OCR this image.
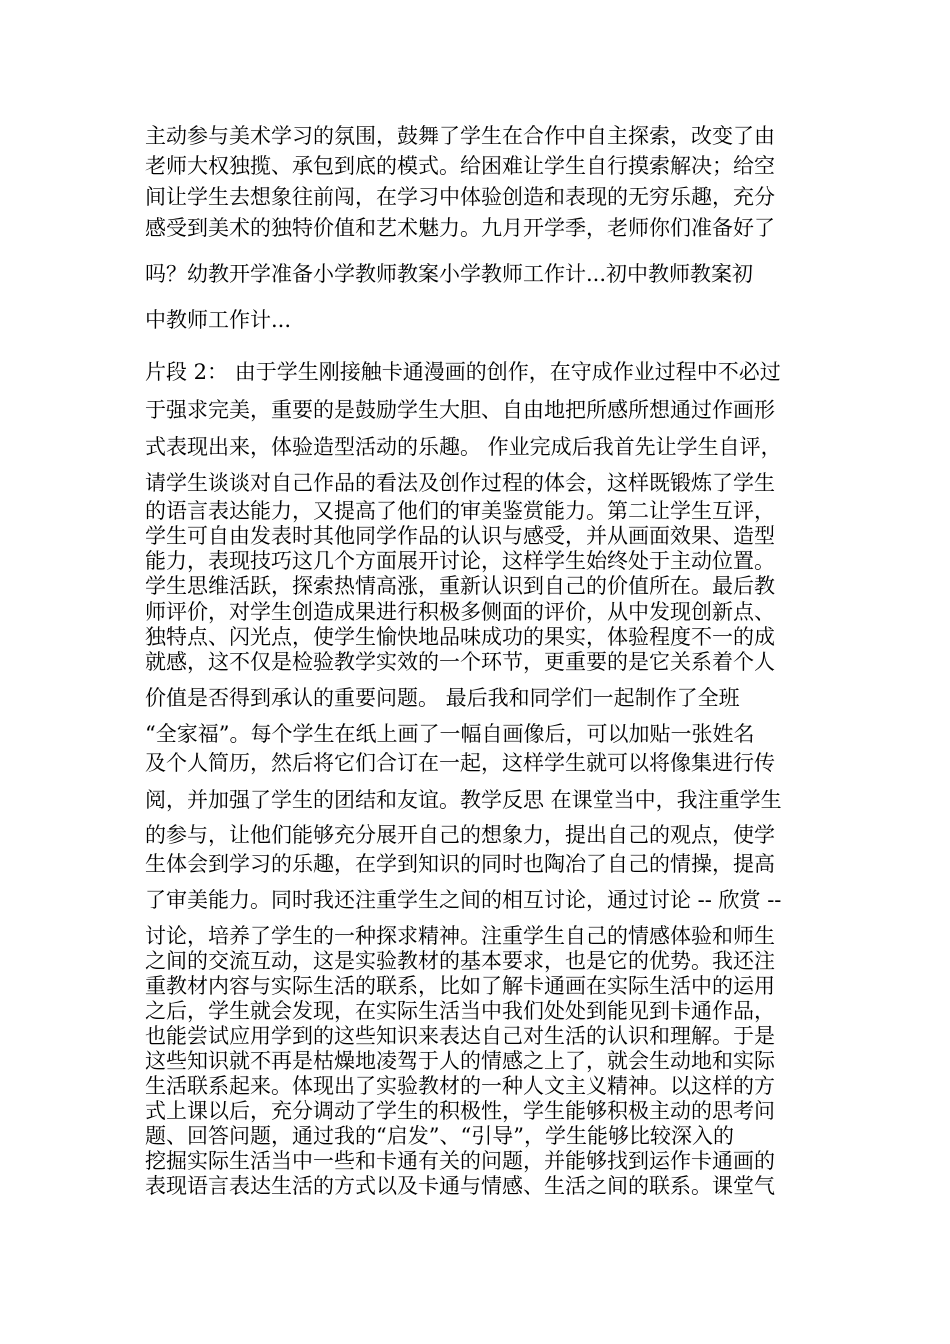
主动参与美术学习的氛围，鼓舞了学生在合作中自主探索，改变了由
老师大权独揽、承包到底的模式。给困难让学生自行摸索解决；给空
间让学生去想象往前闯，在学习中体验创造和表现的无穷乐趣，充分
感受到美术的独特价值和艺术魅力。九月开学季，老师你们准备好了
吗？幼教开学准备小学教师教案小学教师工作计...初中教师教案初
中教师工作计...
片段 2： 由于学生刚接触卡通漫画的创作，在守成作业过程中不必过
于强求完美，重要的是鼓励学生大胆、自由地把所感所想通过作画形
式表现出来，体验造型活动的乐趣。 作业完成后我首先让学生自评，
请学生谈谈对自己作品的看法及创作过程的体会，这样既锻炼了学生
的语言表达能力，又提高了他们的审美鉴赏能力。第二让学生互评，
学生可自由发表时其他同学作品的认识与感受，并从画面效果、造型
能力，表现技巧这几个方面展开讨论，这样学生始终处于主动位置。
学生思维活跃，探索热情高涨，重新认识到自己的价值所在。最后教
师评价，对学生创造成果进行积极多侧面的评价，从中发现创新点、
独特点、闪光点，使学生愉快地品味成功的果实，体验程度不一的成
就感，这不仅是检验教学实效的一个环节，更重要的是它关系着个人
价值是否得到承认的重要问题。 最后我和同学们一起制作了全班
“全家福”。每个学生在纸上画了一幅自画像后，可以加贴一张姓名
及个人简历，然后将它们合订在一起，这样学生就可以将像集进行传
阅，并加强了学生的团结和友谊。教学反思 在课堂当中，我注重学生
的参与，让他们能够充分展开自己的想象力，提出自己的观点，使学
生体会到学习的乐趣，在学到知识的同时也陶冶了自己的情操，提高
了审美能力。同时我还注重学生之间的相互讨论，通过讨论 -- 欣赏 --
讨论，培养了学生的一种探求精神。注重学生自己的情感体验和师生
之间的交流互动，这是实验教材的基本要求，也是它的优势。我还注
重教材内容与实际生活的联系，比如了解卡通画在实际生活中的运用
之后，学生就会发现，在实际生活当中我们处处到能见到卡通作品，
也能尝试应用学到的这些知识来表达自己对生活的认识和理解。于是
这些知识就不再是枯燥地凌驾于人的情感之上了，就会生动地和实际
生活联系起来。体现出了实验教材的一种人文主义精神。以这样的方
式上课以后，充分调动了学生的积极性，学生能够积极主动的思考问
题、回答问题，通过我的“启发”、“引导”，学生能够比较深入的
挖掘实际生活当中一些和卡通有关的问题，并能够找到运作卡通画的
表现语言表达生活的方式以及卡通与情感、生活之间的联系。课堂气
